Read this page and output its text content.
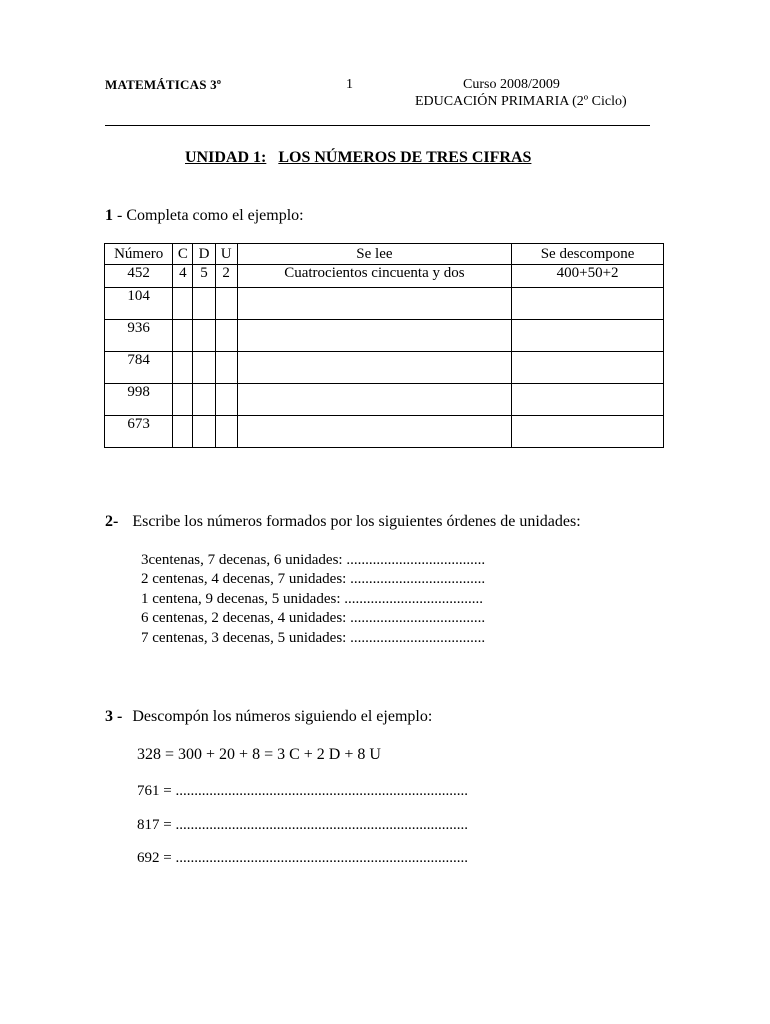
MATEMÁTICAS 3º	1	Curso 2008/2009
EDUCACIÓN PRIMARIA (2º Ciclo)
UNIDAD 1: LOS NÚMEROS DE TRES CIFRAS
1 - Completa como el ejemplo:
Número	C	D	U	Se lee	Se descompone
452	4	5	2	Cuatrocientos cincuenta y dos	400+50+2
104					
936					
784					
998					
673					
2- Escribe los números formados por los siguientes órdenes de unidades:
3centenas, 7 decenas, 6 unidades: .....................................
2 centenas, 4 decenas, 7 unidades: ....................................
1 centena, 9 decenas, 5 unidades: .....................................
6 centenas, 2 decenas, 4 unidades: ....................................
7 centenas, 3 decenas, 5 unidades: ....................................
3 - Descompón los números siguiendo el ejemplo:
328 = 300 + 20 + 8 = 3 C + 2 D + 8 U
761 = ..............................................................................
817 = ..............................................................................
692 = ..............................................................................
